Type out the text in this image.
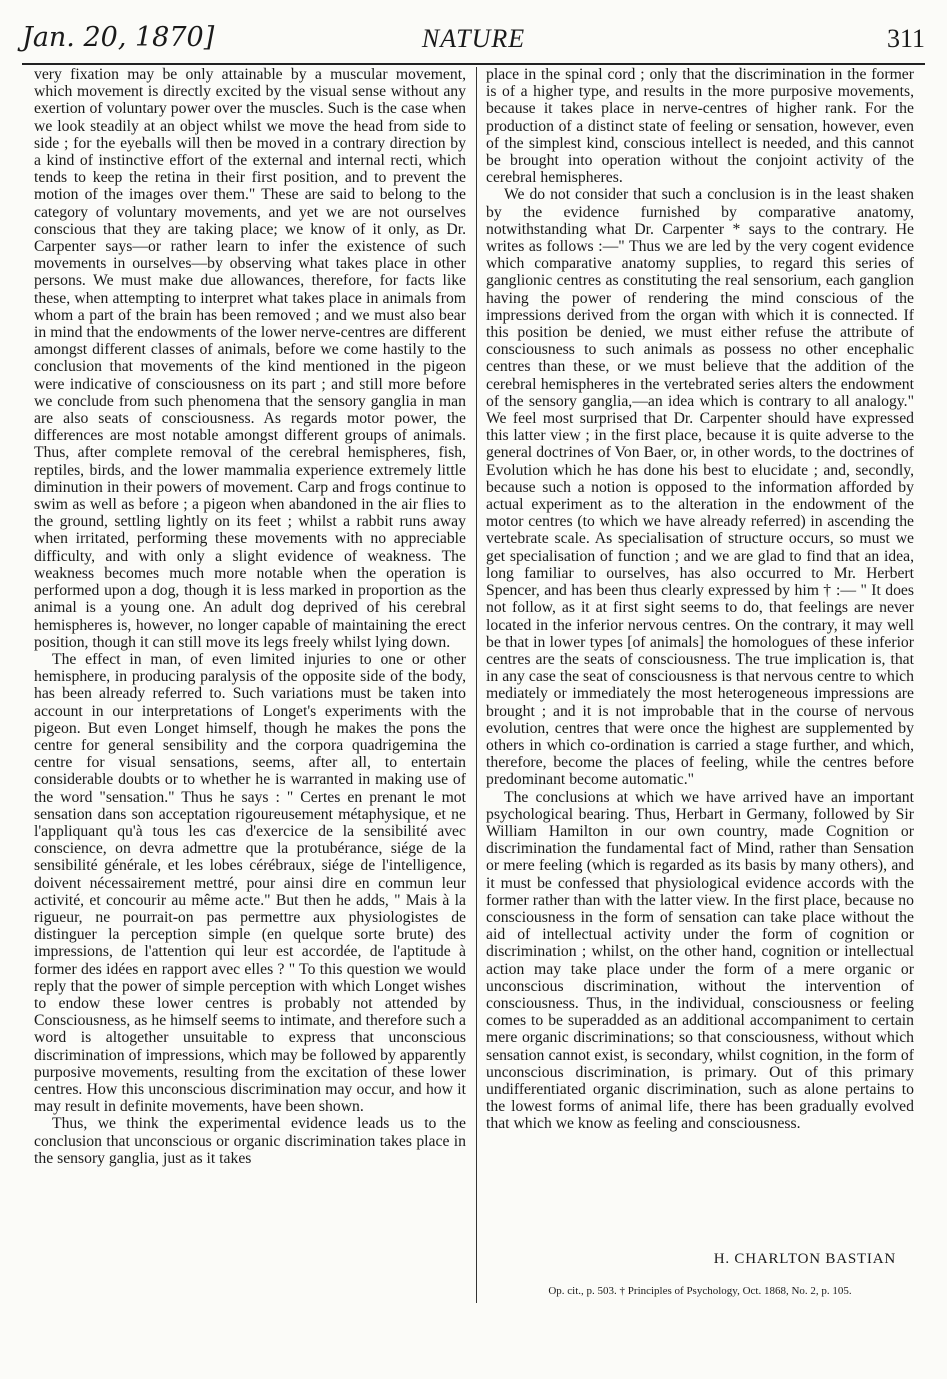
Jan. 20, 1870]	NATURE	311

very fixation may be only attainable by a muscular movement, which movement is directly excited by the visual sense without any exertion of voluntary power over the muscles. Such is the case when we look steadily at an object whilst we move the head from side to side ; for the eyeballs will then be moved in a contrary direction by a kind of instinctive effort of the external and internal recti, which tends to keep the retina in their first position, and to prevent the motion of the images over them." These are said to belong to the category of voluntary movements, and yet we are not ourselves conscious that they are taking place; we know of it only, as Dr. Carpenter says—or rather learn to infer the existence of such movements in ourselves—by observing what takes place in other persons. We must make due allowances, therefore, for facts like these, when attempting to interpret what takes place in animals from whom a part of the brain has been removed ; and we must also bear in mind that the endowments of the lower nerve-centres are different amongst different classes of animals, before we come hastily to the conclusion that movements of the kind mentioned in the pigeon were indicative of consciousness on its part ; and still more before we conclude from such phenomena that the sensory ganglia in man are also seats of consciousness. As regards motor power, the differences are most notable amongst different groups of animals. Thus, after complete removal of the cerebral hemispheres, fish, reptiles, birds, and the lower mammalia experience extremely little diminution in their powers of movement. Carp and frogs continue to swim as well as before ; a pigeon when abandoned in the air flies to the ground, settling lightly on its feet ; whilst a rabbit runs away when irritated, performing these movements with no appreciable difficulty, and with only a slight evidence of weakness. The weakness becomes much more notable when the operation is performed upon a dog, though it is less marked in proportion as the animal is a young one. An adult dog deprived of his cerebral hemispheres is, however, no longer capable of maintaining the erect position, though it can still move its legs freely whilst lying down.

The effect in man, of even limited injuries to one or other hemisphere, in producing paralysis of the opposite side of the body, has been already referred to. Such variations must be taken into account in our interpretations of Longet's experiments with the pigeon. But even Longet himself, though he makes the pons the centre for general sensibility and the corpora quadrigemina the centre for visual sensations, seems, after all, to entertain considerable doubts or to whether he is warranted in making use of the word "sensation." Thus he says : " Certes en prenant le mot sensation dans son acceptation rigoureusement métaphysique, et ne l'appliquant qu'à tous les cas d'exercice de la sensibilité avec conscience, on devra admettre que la protubérance, siége de la sensibilité générale, et les lobes cérébraux, siége de l'intelligence, doivent nécessairement mettré, pour ainsi dire en commun leur activité, et concourir au même acte." But then he adds, " Mais à la rigueur, ne pourrait-on pas permettre aux physiologistes de distinguer la perception simple (en quelque sorte brute) des impressions, de l'attention qui leur est accordée, de l'aptitude à former des idées en rapport avec elles ? " To this question we would reply that the power of simple perception with which Longet wishes to endow these lower centres is probably not attended by Consciousness, as he himself seems to intimate, and therefore such a word is altogether unsuitable to express that unconscious discrimination of impressions, which may be followed by apparently purposive movements, resulting from the excitation of these lower centres. How this unconscious discrimination may occur, and how it may result in definite movements, have been shown.

Thus, we think the experimental evidence leads us to the conclusion that unconscious or organic discrimination takes place in the sensory ganglia, just as it takes

place in the spinal cord ; only that the discrimination in the former is of a higher type, and results in the more purposive movements, because it takes place in nerve-centres of higher rank. For the production of a distinct state of feeling or sensation, however, even of the simplest kind, conscious intellect is needed, and this cannot be brought into operation without the conjoint activity of the cerebral hemispheres.

We do not consider that such a conclusion is in the least shaken by the evidence furnished by comparative anatomy, notwithstanding what Dr. Carpenter * says to the contrary. He writes as follows :—" Thus we are led by the very cogent evidence which comparative anatomy supplies, to regard this series of ganglionic centres as constituting the real sensorium, each ganglion having the power of rendering the mind conscious of the impressions derived from the organ with which it is connected. If this position be denied, we must either refuse the attribute of consciousness to such animals as possess no other encephalic centres than these, or we must believe that the addition of the cerebral hemispheres in the vertebrated series alters the endowment of the sensory ganglia,—an idea which is contrary to all analogy." We feel most surprised that Dr. Carpenter should have expressed this latter view ; in the first place, because it is quite adverse to the general doctrines of Von Baer, or, in other words, to the doctrines of Evolution which he has done his best to elucidate ; and, secondly, because such a notion is opposed to the information afforded by actual experiment as to the alteration in the endowment of the motor centres (to which we have already referred) in ascending the vertebrate scale. As specialisation of structure occurs, so must we get specialisation of function ; and we are glad to find that an idea, long familiar to ourselves, has also occurred to Mr. Herbert Spencer, and has been thus clearly expressed by him † :— " It does not follow, as it at first sight seems to do, that feelings are never located in the inferior nervous centres. On the contrary, it may well be that in lower types [of animals] the homologues of these inferior centres are the seats of consciousness. The true implication is, that in any case the seat of consciousness is that nervous centre to which mediately or immediately the most heterogeneous impressions are brought ; and it is not improbable that in the course of nervous evolution, centres that were once the highest are supplemented by others in which co-ordination is carried a stage further, and which, therefore, become the places of feeling, while the centres before predominant become automatic."

The conclusions at which we have arrived have an important psychological bearing. Thus, Herbart in Germany, followed by Sir William Hamilton in our own country, made Cognition or discrimination the fundamental fact of Mind, rather than Sensation or mere feeling (which is regarded as its basis by many others), and it must be confessed that physiological evidence accords with the former rather than with the latter view. In the first place, because no consciousness in the form of sensation can take place without the aid of intellectual activity under the form of cognition or discrimination ; whilst, on the other hand, cognition or intellectual action may take place under the form of a mere organic or unconscious discrimination, without the intervention of consciousness. Thus, in the individual, consciousness or feeling comes to be superadded as an additional accompaniment to certain mere organic discriminations; so that consciousness, without which sensation cannot exist, is secondary, whilst cognition, in the form of unconscious discrimination, is primary. Out of this primary undifferentiated organic discrimination, such as alone pertains to the lowest forms of animal life, there has been gradually evolved that which we know as feeling and consciousness.

H. CHARLTON BASTIAN
Op. cit., p. 503. † Principles of Psychology, Oct. 1868, No. 2, p. 105.
